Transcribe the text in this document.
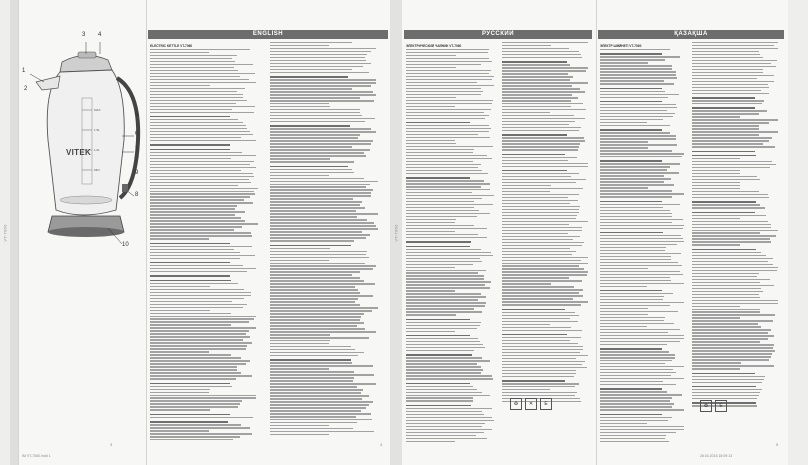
VT-7060
3 4
1
2
6
7
8
9
10
5
MAX
1.5L
1.0L
MIN
VITEK
3
ENGLISH
ELECTRIC KETTLE VT-7060
4
VT-7060
РУССКИЙ
ЭЛЕКТРИЧЕСКИЙ ЧАЙНИК VT-7060
♻	✕	E
ҚАЗАҚША
ЭЛЕКТР ШӘЙНЕГІ VT-7060
♻	E
5
IM VT-7060.indd 1	26.04.2016 15:09:13
